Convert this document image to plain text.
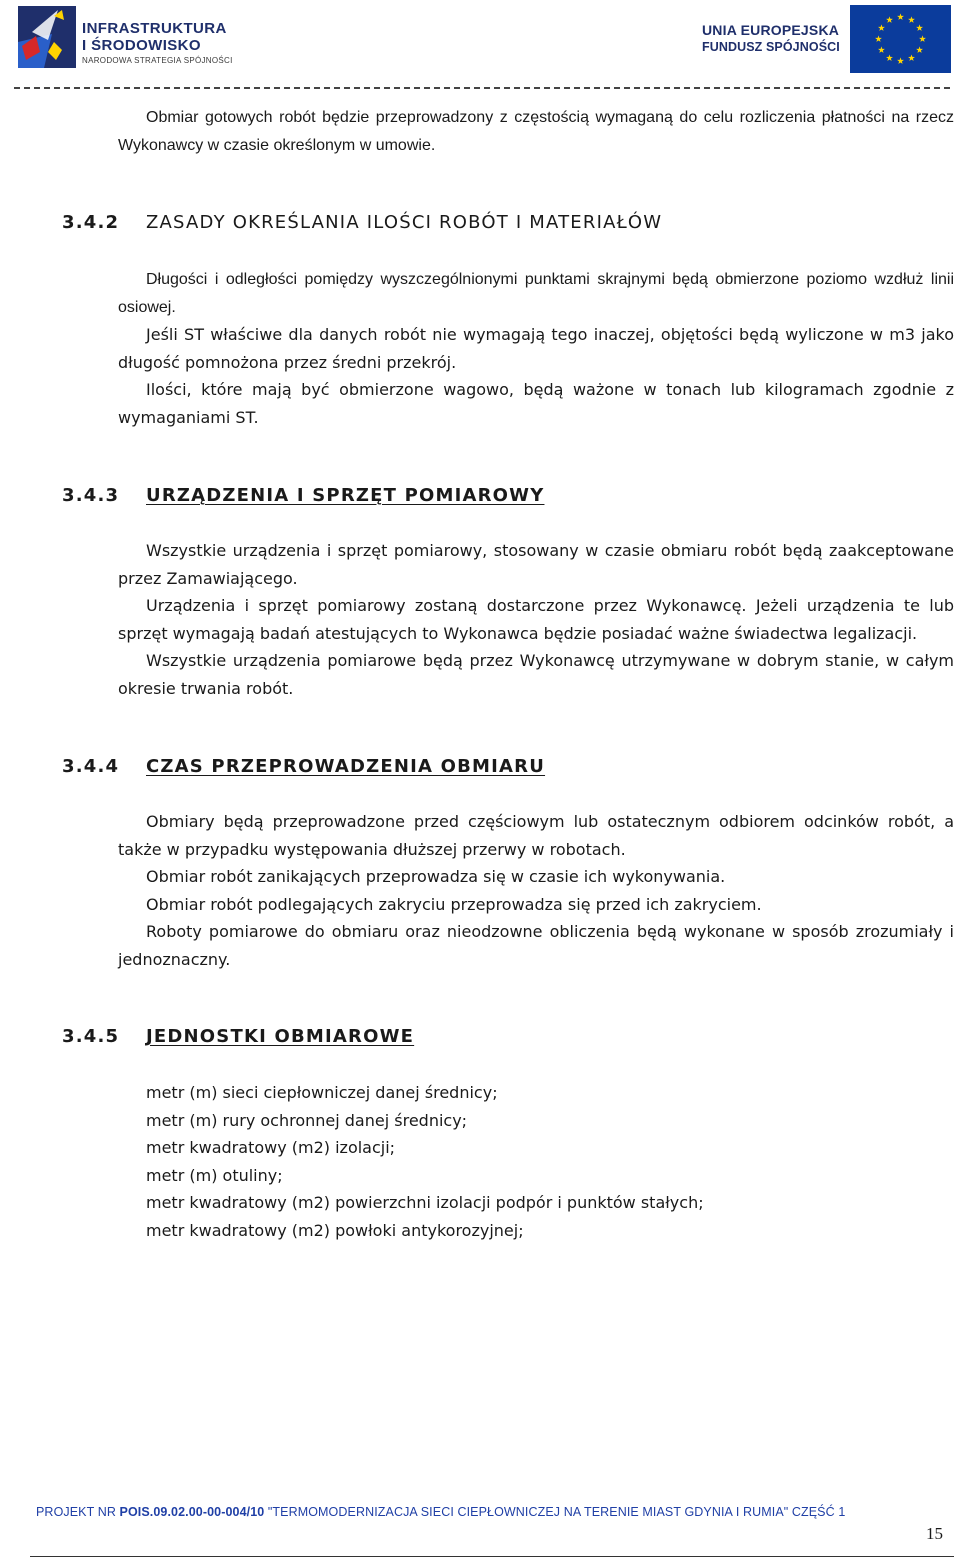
INFRASTRUKTURA
I ŚRODOWISKO
NARODOWA STRATEGIA SPÓJNOŚCI
UNIA EUROPEJSKA
FUNDUSZ SPÓJNOŚCI

Obmiar gotowych robót będzie przeprowadzony z częstością wymaganą do celu rozliczenia płatności na rzecz Wykonawcy w czasie określonym w umowie.

3.4.2 ZASADY OKREŚLANIA ILOŚCI ROBÓT I MATERIAŁÓW

Długości i odległości pomiędzy wyszczególnionymi punktami skrajnymi będą obmierzone poziomo wzdłuż linii osiowej.

Jeśli ST właściwe dla danych robót nie wymagają tego inaczej, objętości będą wyliczone w m3 jako długość pomnożona przez średni przekrój.

Ilości, które mają być obmierzone wagowo, będą ważone w tonach lub kilogramach zgodnie z wymaganiami ST.

3.4.3 URZĄDZENIA I SPRZĘT POMIAROWY

Wszystkie urządzenia i sprzęt pomiarowy, stosowany w czasie obmiaru robót będą zaakceptowane przez Zamawiającego.

Urządzenia i sprzęt pomiarowy zostaną dostarczone przez Wykonawcę. Jeżeli urządzenia te lub sprzęt wymagają badań atestujących to Wykonawca będzie posiadać ważne świadectwa legalizacji.

Wszystkie urządzenia pomiarowe będą przez Wykonawcę utrzymywane w dobrym stanie, w całym okresie trwania robót.

3.4.4 CZAS PRZEPROWADZENIA OBMIARU

Obmiary będą przeprowadzone przed częściowym lub ostatecznym odbiorem odcinków robót, a także w przypadku występowania dłuższej przerwy w robotach.

Obmiar robót zanikających przeprowadza się w czasie ich wykonywania.

Obmiar robót podlegających zakryciu przeprowadza się przed ich zakryciem.

Roboty pomiarowe do obmiaru oraz nieodzowne obliczenia będą wykonane w sposób zrozumiały i jednoznaczny.

3.4.5 JEDNOSTKI OBMIAROWE
metr (m) sieci ciepłowniczej danej średnicy;
metr (m) rury ochronnej danej średnicy;
metr kwadratowy (m2) izolacji;
metr (m) otuliny;
metr kwadratowy (m2) powierzchni izolacji podpór i punktów stałych;
metr kwadratowy (m2) powłoki antykorozyjnej;
PROJEKT NR POIS.09.02.00-00-004/10 "TERMOMODERNIZACJA SIECI CIEPŁOWNICZEJ NA TERENIE MIAST GDYNIA I RUMIA" CZĘŚĆ 1
15
